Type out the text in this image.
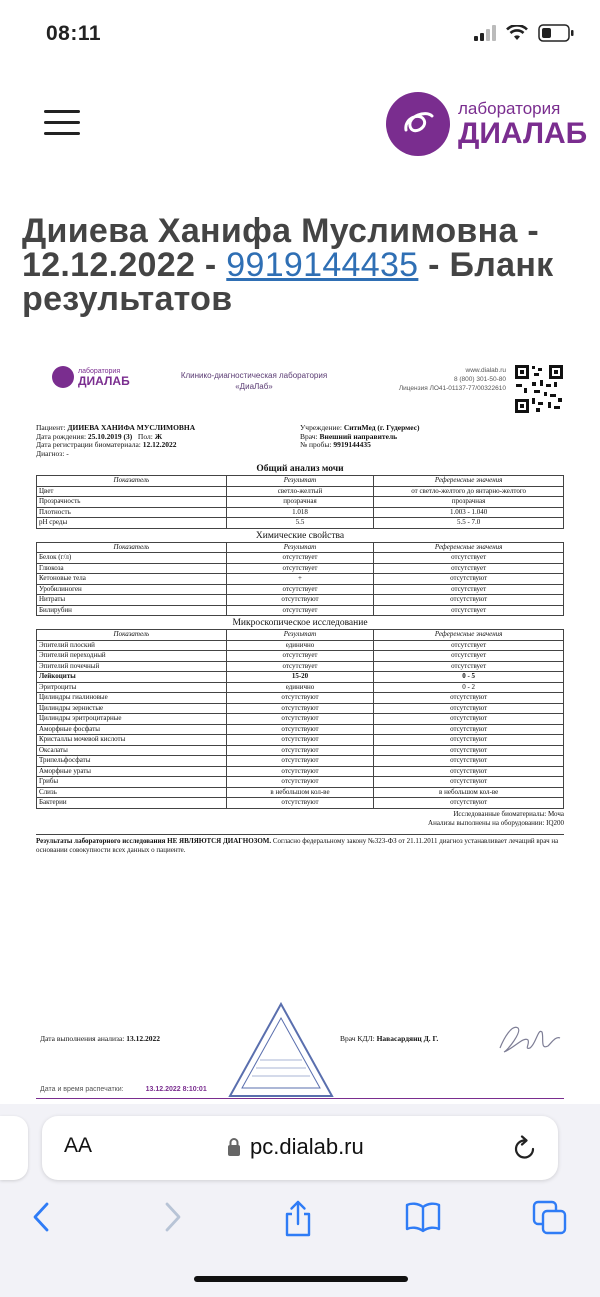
08:11
лаборатория
ДИАЛАБ
Дииева Ханифа Муслимовна - 12.12.2022 - 9919144435 - Бланк результатов
лаборатория
ДИАЛАБ	Клинико-диагностическая лаборатория
«ДиаЛаб»
www.dialab.ru
8 (800) 301-50-80
Лицензия ЛО41-01137-77/00322610
Пациент: ДИИЕВА ХАНИФА МУСЛИМОВНА
Дата рождения: 25.10.2019 (3) Пол: Ж
Дата регистрации биоматериала: 12.12.2022
Диагноз: -
Учреждение: СитиМед (г. Гудермес)
Врач: Внешний направитель
№ пробы: 9919144435
Общий анализ мочи
Показатель	Результат	Референсные значения
Цвет	светло-желтый	от светло-желтого до янтарно-желтого
Прозрачность	прозрачная	прозрачная
Плотность	1.018	1.003 - 1.040
pH среды	5.5	5.5 - 7.0
Химические свойства
Показатель	Результат	Референсные значения
Белок (г/л)	отсутствует	отсутствует
Глюкоза	отсутствует	отсутствует
Кетоновые тела	+	отсутствуют
Уробилиноген	отсутствует	отсутствует
Нитраты	отсутствуют	отсутствуют
Билирубин	отсутствует	отсутствует
Микроскопическое исследование
Показатель	Результат	Референсные значения
Эпителий плоский	единично	отсутствует
Эпителий переходный	отсутствует	отсутствует
Эпителий почечный	отсутствует	отсутствует
Лейкоциты	15-20	0 - 5
Эритроциты	единично	0 - 2
Цилиндры гиалиновые	отсутствуют	отсутствуют
Цилиндры зернистые	отсутствуют	отсутствуют
Цилиндры эритроцитарные	отсутствуют	отсутствуют
Аморфные фосфаты	отсутствуют	отсутствуют
Кристаллы мочевой кислоты	отсутствуют	отсутствуют
Оксалаты	отсутствуют	отсутствуют
Трипельфосфаты	отсутствуют	отсутствуют
Аморфные ураты	отсутствуют	отсутствуют
Грибы	отсутствуют	отсутствуют
Слизь	в небольшом кол-ве	в небольшом кол-ве
Бактерии	отсутствуют	отсутствуют
Исследованные биоматериалы: Моча
Анализы выполнены на оборудовании: IQ200
Результаты лабораторного исследования НЕ ЯВЛЯЮТСЯ ДИАГНОЗОМ. Согласно федеральному закону №323-ФЗ от 21.11.2011 диагноз устанавливает лечащий врач на основании совокупности всех данных о пациенте.
Дата выполнения анализа: 13.12.2022	Врач КДЛ: Навасардянц Д. Г.
Дата и время распечатки:	13.12.2022 8:10:01
AA	pc.dialab.ru
